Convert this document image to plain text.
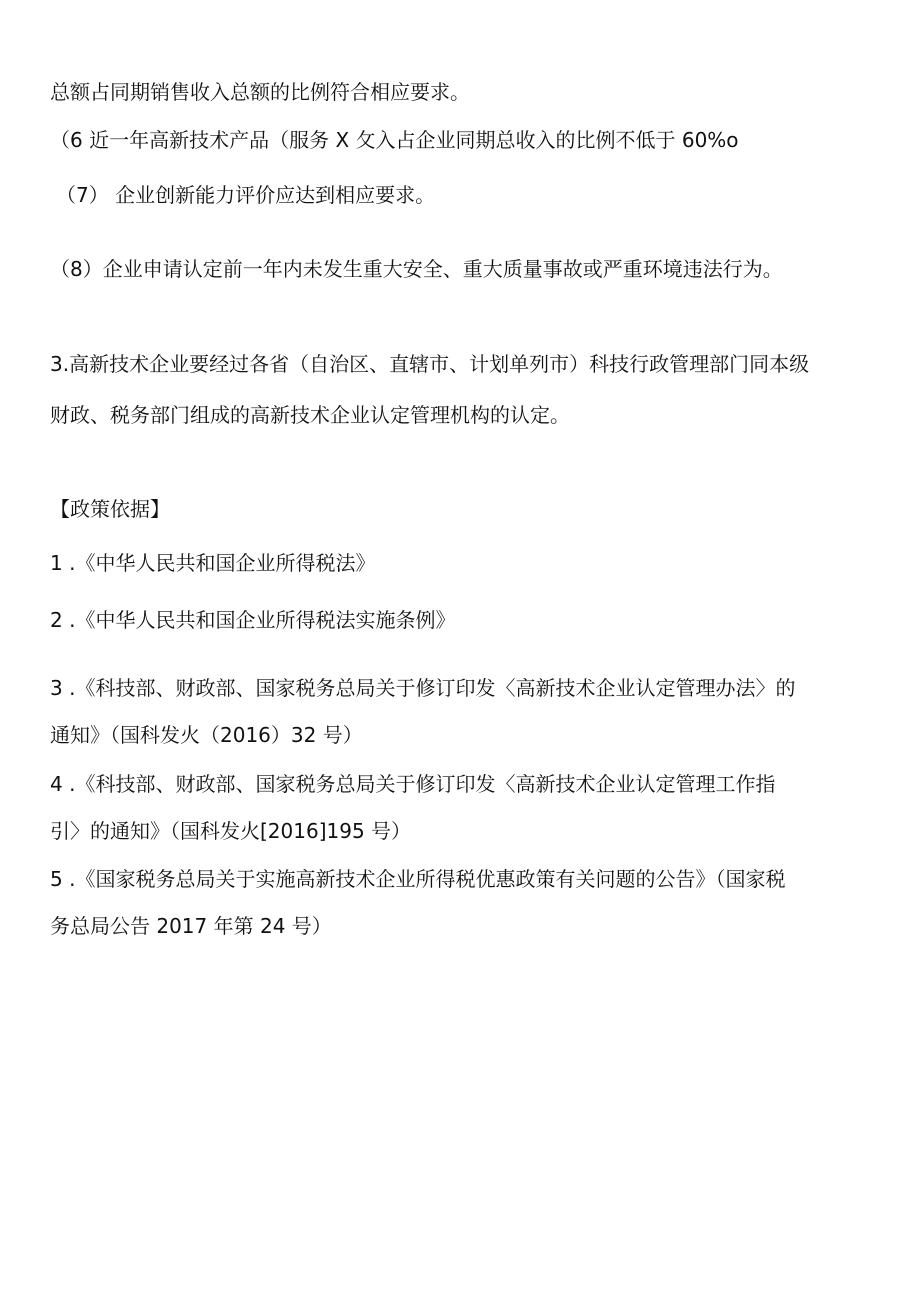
总额占同期销售收入总额的比例符合相应要求。
（6 近一年高新技术产品（服务 X 攵入占企业同期总收入的比例不低于 60%o
（7） 企业创新能力评价应达到相应要求。
（8）企业申请认定前一年内未发生重大安全、重大质量事故或严重环境违法行为。
3.高新技术企业要经过各省（自治区、直辖市、计划单列市）科技行政管理部门同本级
财政、税务部门组成的高新技术企业认定管理机构的认定。
【政策依据】
1 .《中华人民共和国企业所得税法》
2 .《中华人民共和国企业所得税法实施条例》
3 .《科技部、财政部、国家税务总局关于修订印发〈高新技术企业认定管理办法〉的
通知》（国科发火（2016）32 号）
4 .《科技部、财政部、国家税务总局关于修订印发〈高新技术企业认定管理工作指
引〉的通知》（国科发火[2016]195 号）
5 .《国家税务总局关于实施高新技术企业所得税优惠政策有关问题的公告》（国家税
务总局公告 2017 年第 24 号）
